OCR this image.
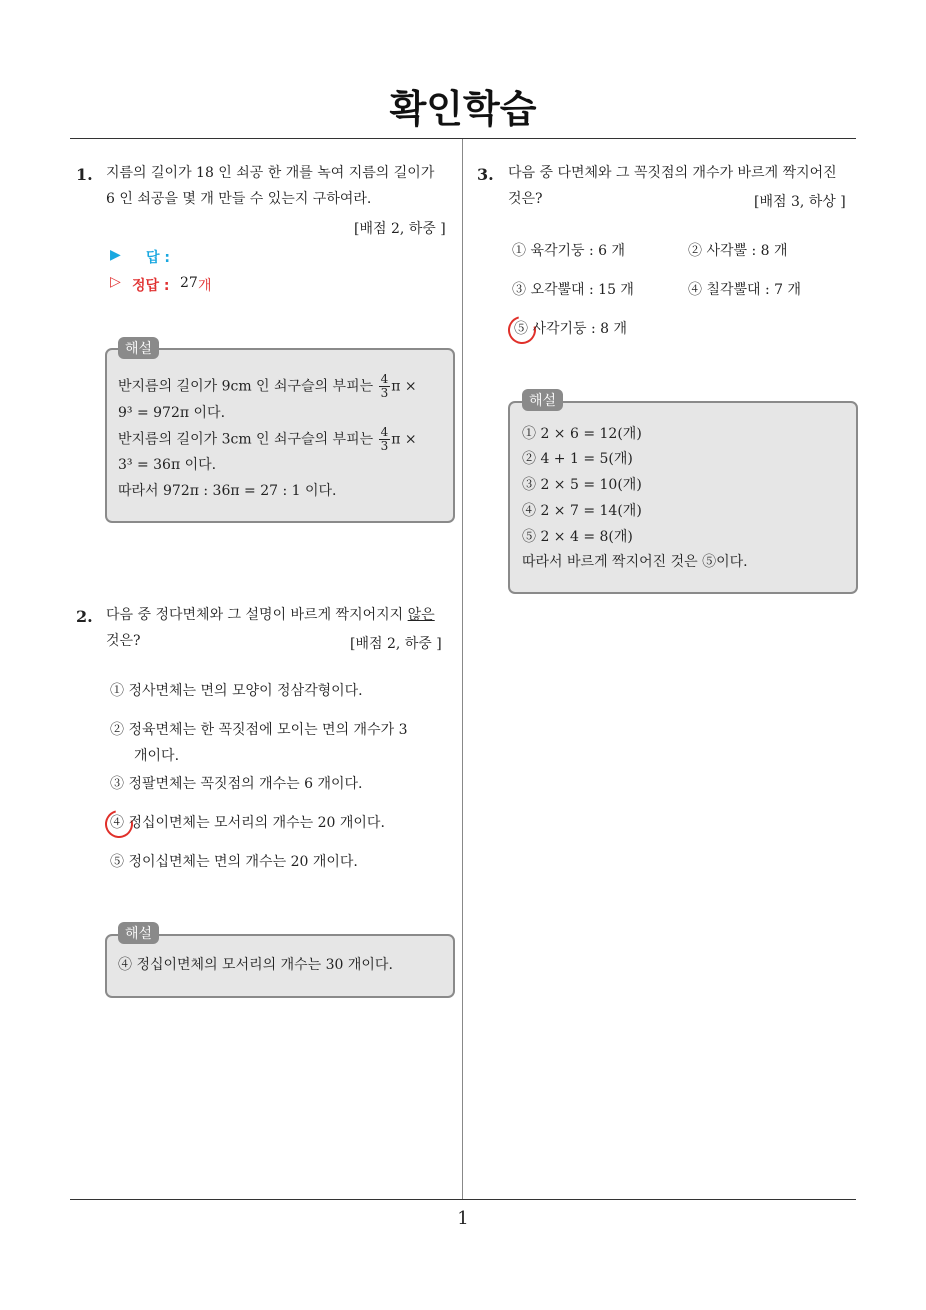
확인학습
1. 지름의 길이가 18 인 쇠공 한 개를 녹여 지름의 길이가
6 인 쇠공을 몇 개 만들 수 있는지 구하여라.
[배점 2, 하중 ]
▶ 답 :
▷ 정답 : 27 개
해설
반지름의 길이가 9cm 인 쇠구슬의 부피는 $\frac{4}{3}$ π ×
9³ = 972π 이다.
반지름의 길이가 3cm 인 쇠구슬의 부피는 $\frac{4}{3}$ π ×
3³ = 36π 이다.
따라서 972π : 36π = 27 : 1 이다.
2. 다음 중 정다면체와 그 설명이 바르게 짝지어지지 않은
것은?	[배점 2, 하중 ]
① 정사면체는 면의 모양이 정삼각형이다.
② 정육면체는 한 꼭짓점에 모이는 면의 개수가 3
개이다.
③ 정팔면체는 꼭짓점의 개수는 6 개이다.
④ 정십이면체는 모서리의 개수는 20 개이다.
⑤ 정이십면체는 면의 개수는 20 개이다.
해설
④ 정십이면체의 모서리의 개수는 30 개이다.
3. 다음 중 다면체와 그 꼭짓점의 개수가 바르게 짝지어진
것은?	[배점 3, 하상 ]
① 육각기둥 : 6 개	② 사각뿔 : 8 개
③ 오각뿔대 : 15 개	④ 칠각뿔대 : 7 개
⑤ 사각기둥 : 8 개
해설
① 2 × 6 = 12(개)
② 4 + 1 = 5(개)
③ 2 × 5 = 10(개)
④ 2 × 7 = 14(개)
⑤ 2 × 4 = 8(개)
따라서 바르게 짝지어진 것은 ⑤이다.
1
